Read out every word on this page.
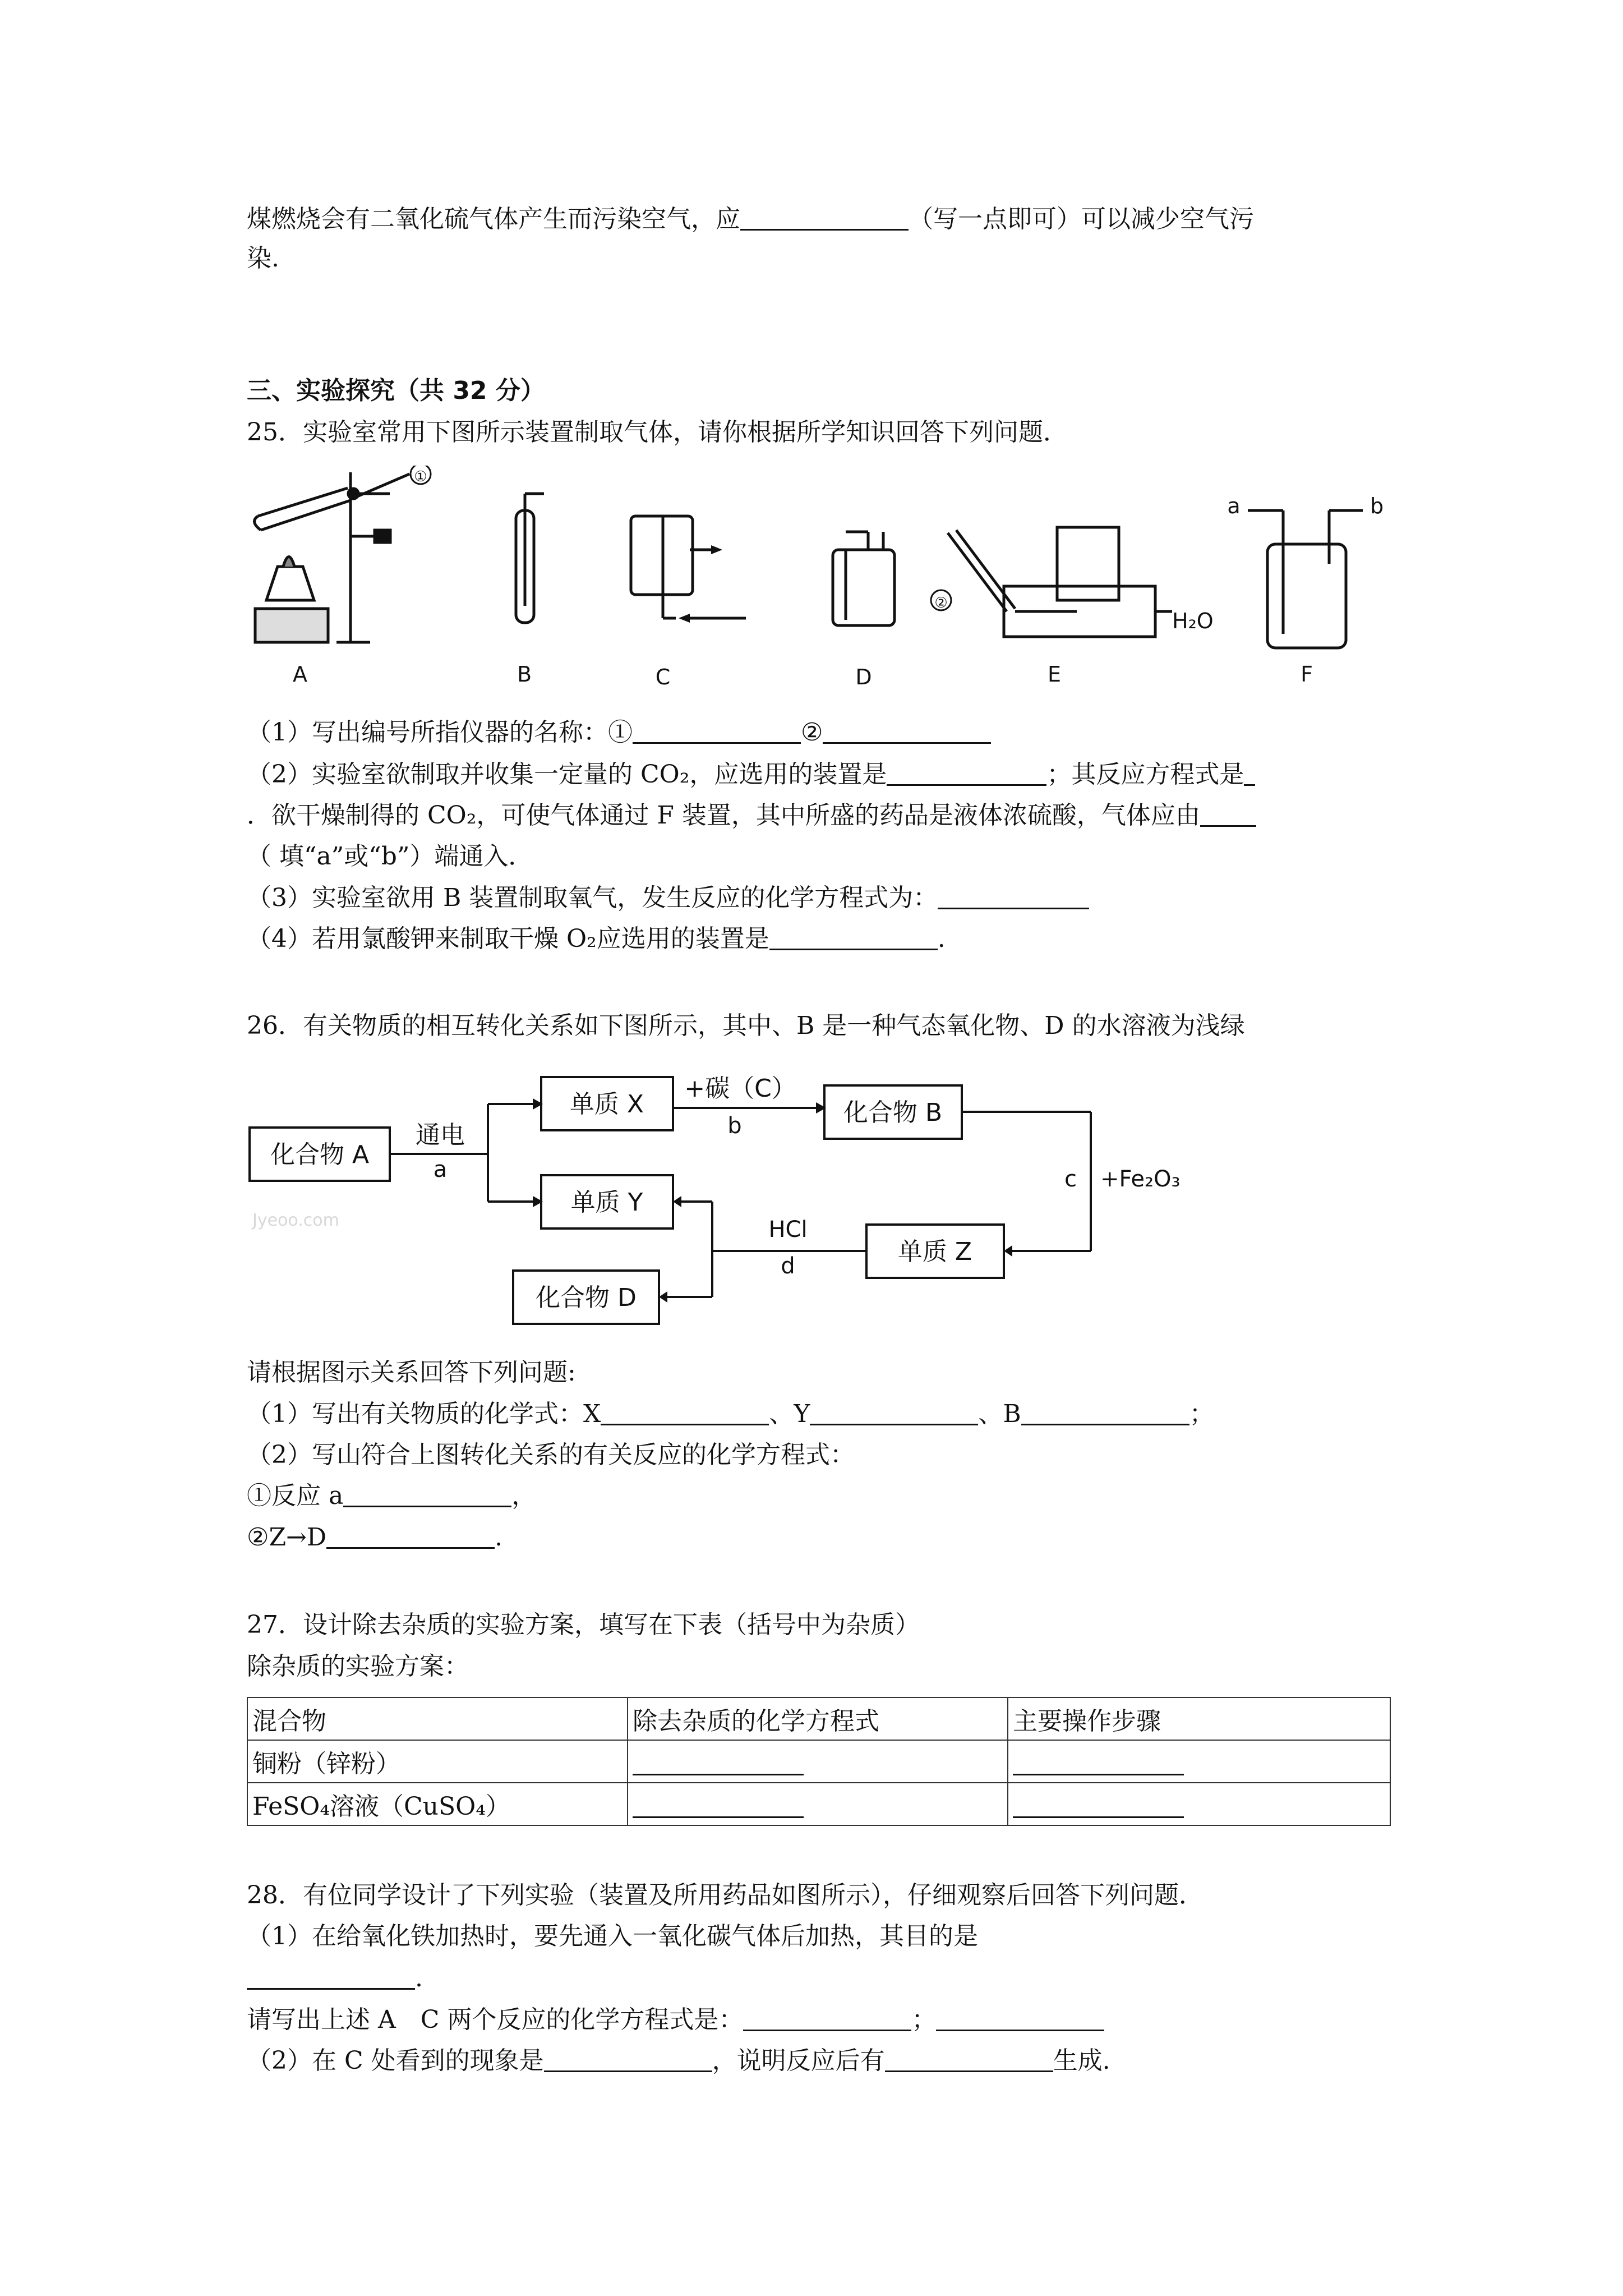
煤燃烧会有二氧化硫气体产生而污染空气，应	（写一点即可）可以减少空气污
染.
三、实验探究（共 32 分）
25．实验室常用下图所示装置制取气体，请你根据所学知识回答下列问题．
①
②
A	B	C	D	E	F
a	b
H₂O
（1）写出编号所指仪器的名称：①	②
（2）实验室欲制取并收集一定量的 CO₂，应选用的装置是	；其反应方程式是
．欲干燥制得的 CO₂，可使气体通过 F 装置，其中所盛的药品是液体浓硫酸，气体应由
（ 填“a”或“b”）端通入．
（3）实验室欲用 B 装置制取氧气，发生反应的化学方程式为：
（4）若用氯酸钾来制取干燥 O₂应选用的装置是	.
26．有关物质的相互转化关系如下图所示，其中、B 是一种气态氧化物、D 的水溶液为浅绿
化合物 A
单质 X	化合物 B
单质 Y
单质 Z
化合物 D
通电
a
+碳（C）
b
c +Fe₂O₃
HCl
d
Jyeoo.com
请根据图示关系回答下列问题:
（1）写出有关物质的化学式：X	、Y	、B	；
（2）写山符合上图转化关系的有关反应的化学方程式：
①反应 a	，
②Z→D	.
27．设计除去杂质的实验方案，填写在下表（括号中为杂质）
除杂质的实验方案：
混合物	除去杂质的化学方程式	主要操作步骤
铜粉（锌粉）		
FeSO₄溶液（CuSO₄）		
28．有位同学设计了下列实验（装置及所用药品如图所示），仔细观察后回答下列问题．
（1）在给氧化铁加热时，要先通入一氧化碳气体后加热，其目的是
.
请写出上述 A　C 两个反应的化学方程式是：	；
（2）在 C 处看到的现象是	，说明反应后有	生成.
